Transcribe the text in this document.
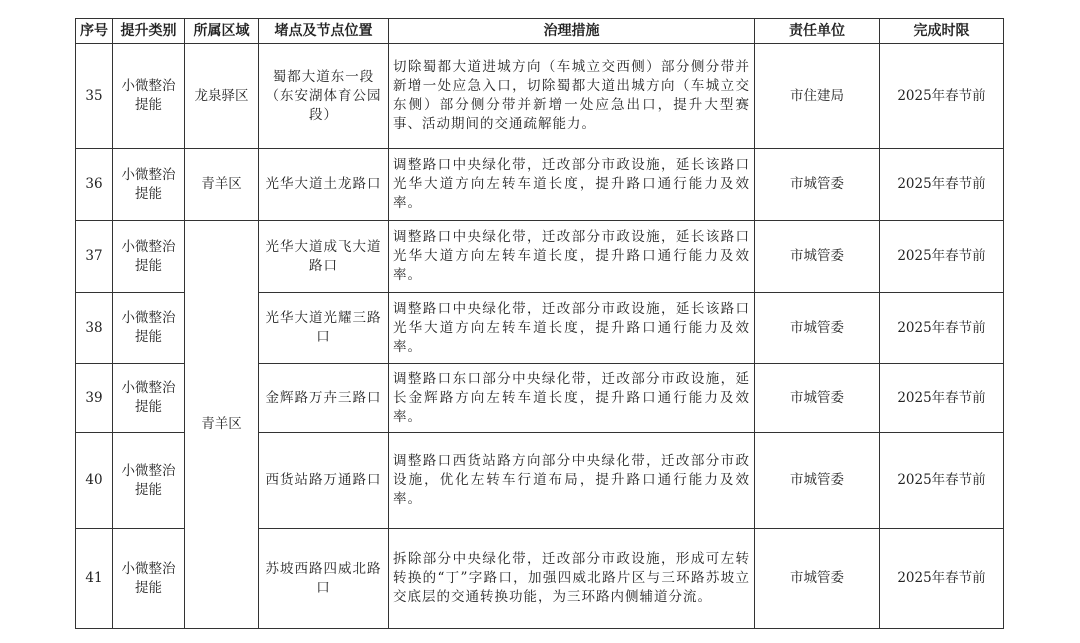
序号	提升类别	所属区域	堵点及节点位置	治理措施	责任单位	完成时限
35	小微整治提能	龙泉驿区	蜀都大道东一段（东安湖体育公园段）	切除蜀都大道进城方向（车城立交西侧）部分侧分带并新增一处应急入口，切除蜀都大道出城方向（车城立交东侧）部分侧分带并新增一处应急出口，提升大型赛事、活动期间的交通疏解能力。	市住建局	2025年春节前
36	小微整治提能	青羊区	光华大道土龙路口	调整路口中央绿化带，迁改部分市政设施，延长该路口光华大道方向左转车道长度，提升路口通行能力及效率。	市城管委	2025年春节前
37	小微整治提能	青羊区	光华大道成飞大道路口	调整路口中央绿化带，迁改部分市政设施，延长该路口光华大道方向左转车道长度，提升路口通行能力及效率。	市城管委	2025年春节前
38	小微整治提能		光华大道光耀三路口	调整路口中央绿化带，迁改部分市政设施，延长该路口光华大道方向左转车道长度，提升路口通行能力及效率。	市城管委	2025年春节前
39	小微整治提能		金辉路万卉三路口	调整路口东口部分中央绿化带，迁改部分市政设施，延长金辉路方向左转车道长度，提升路口通行能力及效率。	市城管委	2025年春节前
40	小微整治提能		西货站路万通路口	调整路口西货站路方向部分中央绿化带，迁改部分市政设施，优化左转车行道布局，提升路口通行能力及效率。	市城管委	2025年春节前
41	小微整治提能		苏坡西路四威北路口	拆除部分中央绿化带，迁改部分市政设施，形成可左转转换的“丁”字路口，加强四威北路片区与三环路苏坡立交底层的交通转换功能，为三环路内侧辅道分流。	市城管委	2025年春节前
